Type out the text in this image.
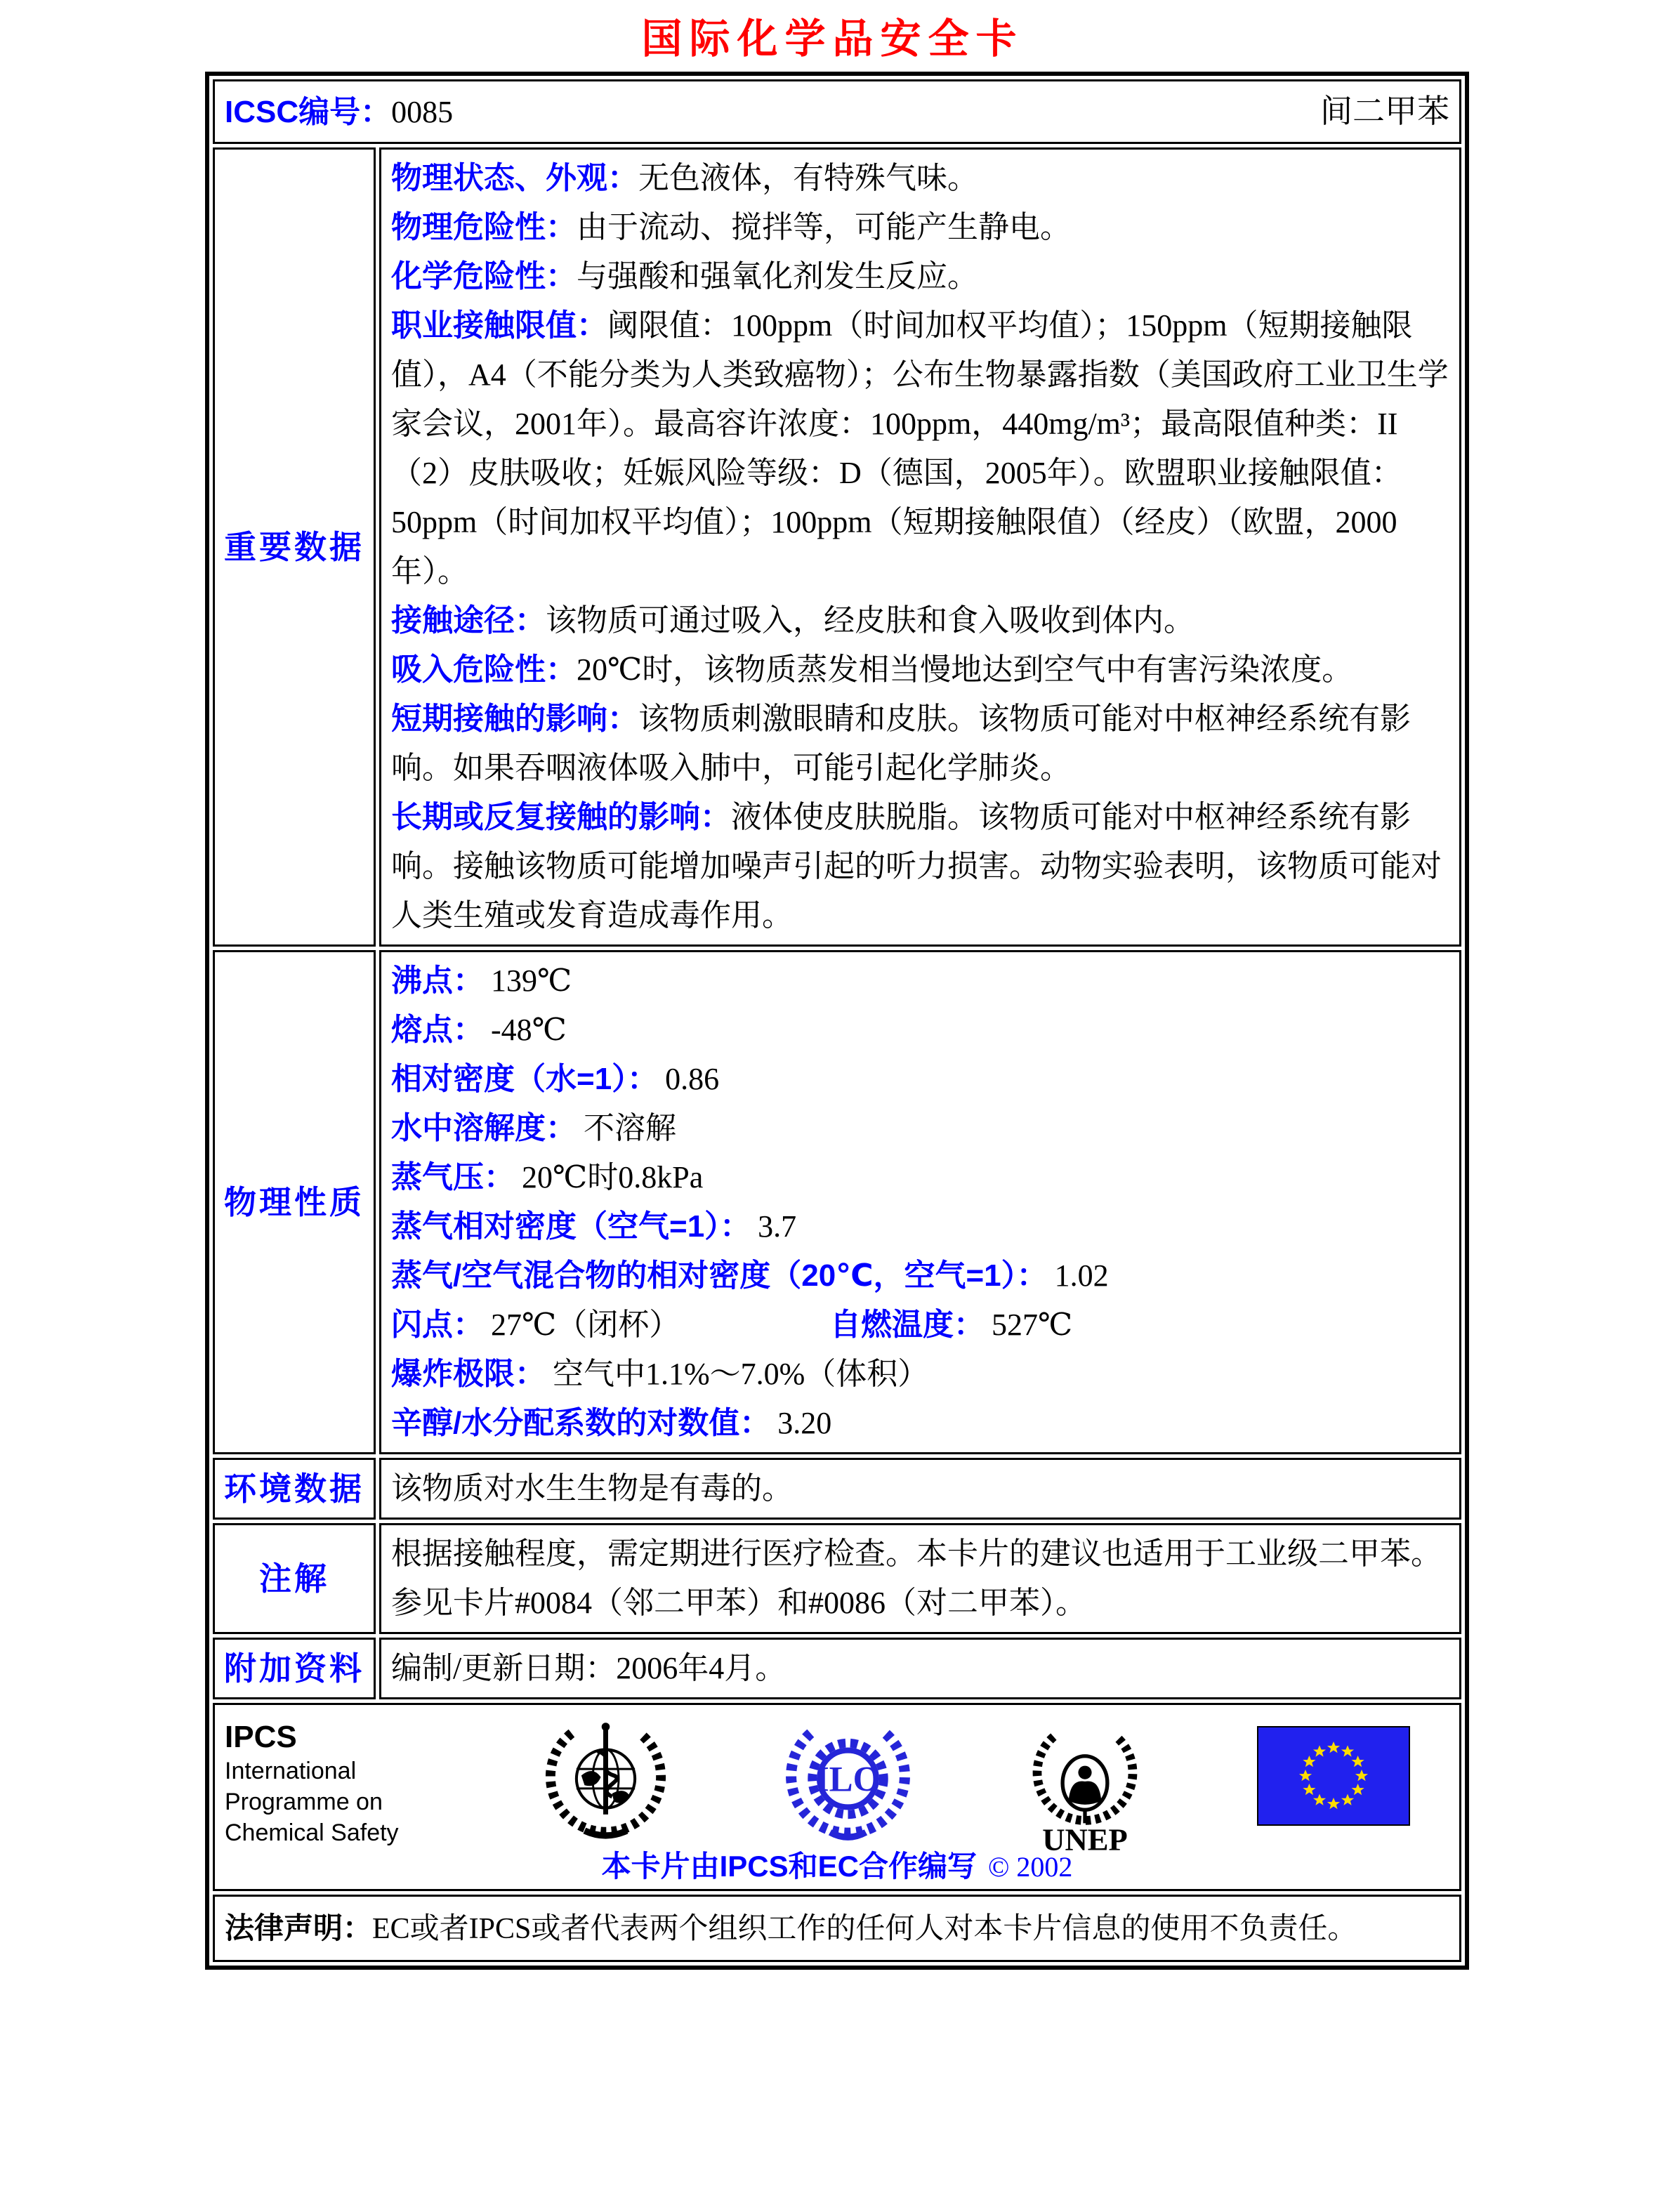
国际化学品安全卡
ICSC编号：0085 间二甲苯	

重要数据	
物理状态、外观：无色液体，有特殊气味。
物理危险性：由于流动、搅拌等，可能产生静电。
化学危险性：与强酸和强氧化剂发生反应。
职业接触限值：阈限值：100ppm（时间加权平均值）；150ppm（短期接触限值），A4（不能分类为人类致癌物）；公布生物暴露指数（美国政府工业卫生学家会议，2001年）。最高容许浓度：100ppm，440mg/m³；最高限值种类：II（2）皮肤吸收；妊娠风险等级：D（德国，2005年）。欧盟职业接触限值：50ppm（时间加权平均值）；100ppm（短期接触限值）（经皮）（欧盟，2000年）。
接触途径：该物质可通过吸入，经皮肤和食入吸收到体内。
吸入危险性：20℃时，该物质蒸发相当慢地达到空气中有害污染浓度。
短期接触的影响：该物质刺激眼睛和皮肤。该物质可能对中枢神经系统有影响。如果吞咽液体吸入肺中，可能引起化学肺炎。
长期或反复接触的影响：液体使皮肤脱脂。该物质可能对中枢神经系统有影响。接触该物质可能增加噪声引起的听力损害。动物实验表明，该物质可能对人类生殖或发育造成毒作用。

物理性质	
沸点： 139℃
熔点： -48℃
相对密度（水=1）： 0.86
水中溶解度： 不溶解
蒸气压： 20℃时0.8kPa
蒸气相对密度（空气=1）： 3.7
蒸气/空气混合物的相对密度（20℃，空气=1）： 1.02
闪点： 27℃（闭杯）	自燃温度： 527℃
爆炸极限： 空气中1.1%～7.0%（体积）
辛醇/水分配系数的对数值： 3.20

环境数据	该物质对水生生物是有毒的。
注解	根据接触程度，需定期进行医疗检查。本卡片的建议也适用于工业级二甲苯。参见卡片#0084（邻二甲苯）和#0086（对二甲苯）。
附加资料	编制/更新日期：2006年4月。

IPCS
International
Programme on
Chemical Safety
ILO
UNEP
本卡片由IPCS和EC合作编写 © 2002

法律声明：EC或者IPCS或者代表两个组织工作的任何人对本卡片信息的使用不负责任。	
